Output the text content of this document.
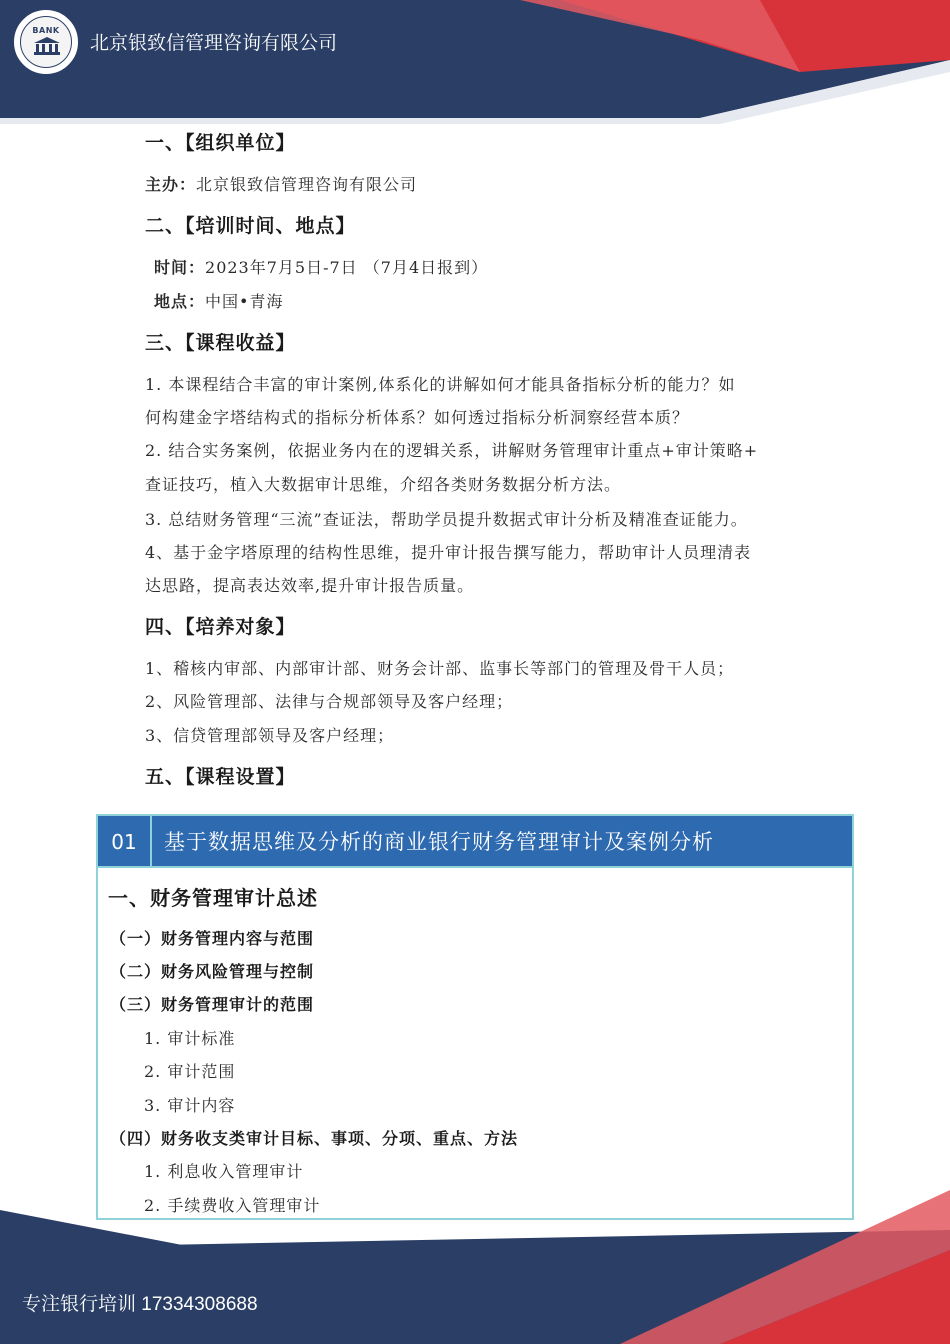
BANK
北京银致信管理咨询有限公司
一、【组织单位】
主办：北京银致信管理咨询有限公司
二、【培训时间、地点】
时间：2023年7月5日-7日 （7月4日报到）
地点：中国•青海
三、【课程收益】
1. 本课程结合丰富的审计案例,体系化的讲解如何才能具备指标分析的能力？如
何构建金字塔结构式的指标分析体系？如何透过指标分析洞察经营本质？
2. 结合实务案例，依据业务内在的逻辑关系，讲解财务管理审计重点+审计策略+
查证技巧，植入大数据审计思维，介绍各类财务数据分析方法。
3. 总结财务管理“三流”查证法，帮助学员提升数据式审计分析及精准查证能力。
4、基于金字塔原理的结构性思维，提升审计报告撰写能力，帮助审计人员理清表
达思路，提高表达效率,提升审计报告质量。
四、【培养对象】
1、稽核内审部、内部审计部、财务会计部、监事长等部门的管理及骨干人员；
2、风险管理部、法律与合规部领导及客户经理；
3、信贷管理部领导及客户经理；
五、【课程设置】
01	基于数据思维及分析的商业银行财务管理审计及案例分析
一、财务管理审计总述
（一）财务管理内容与范围
（二）财务风险管理与控制
（三）财务管理审计的范围
1. 审计标准
2. 审计范围
3. 审计内容
（四）财务收支类审计目标、事项、分项、重点、方法
1. 利息收入管理审计
2. 手续费收入管理审计
专注银行培训 17334308688
